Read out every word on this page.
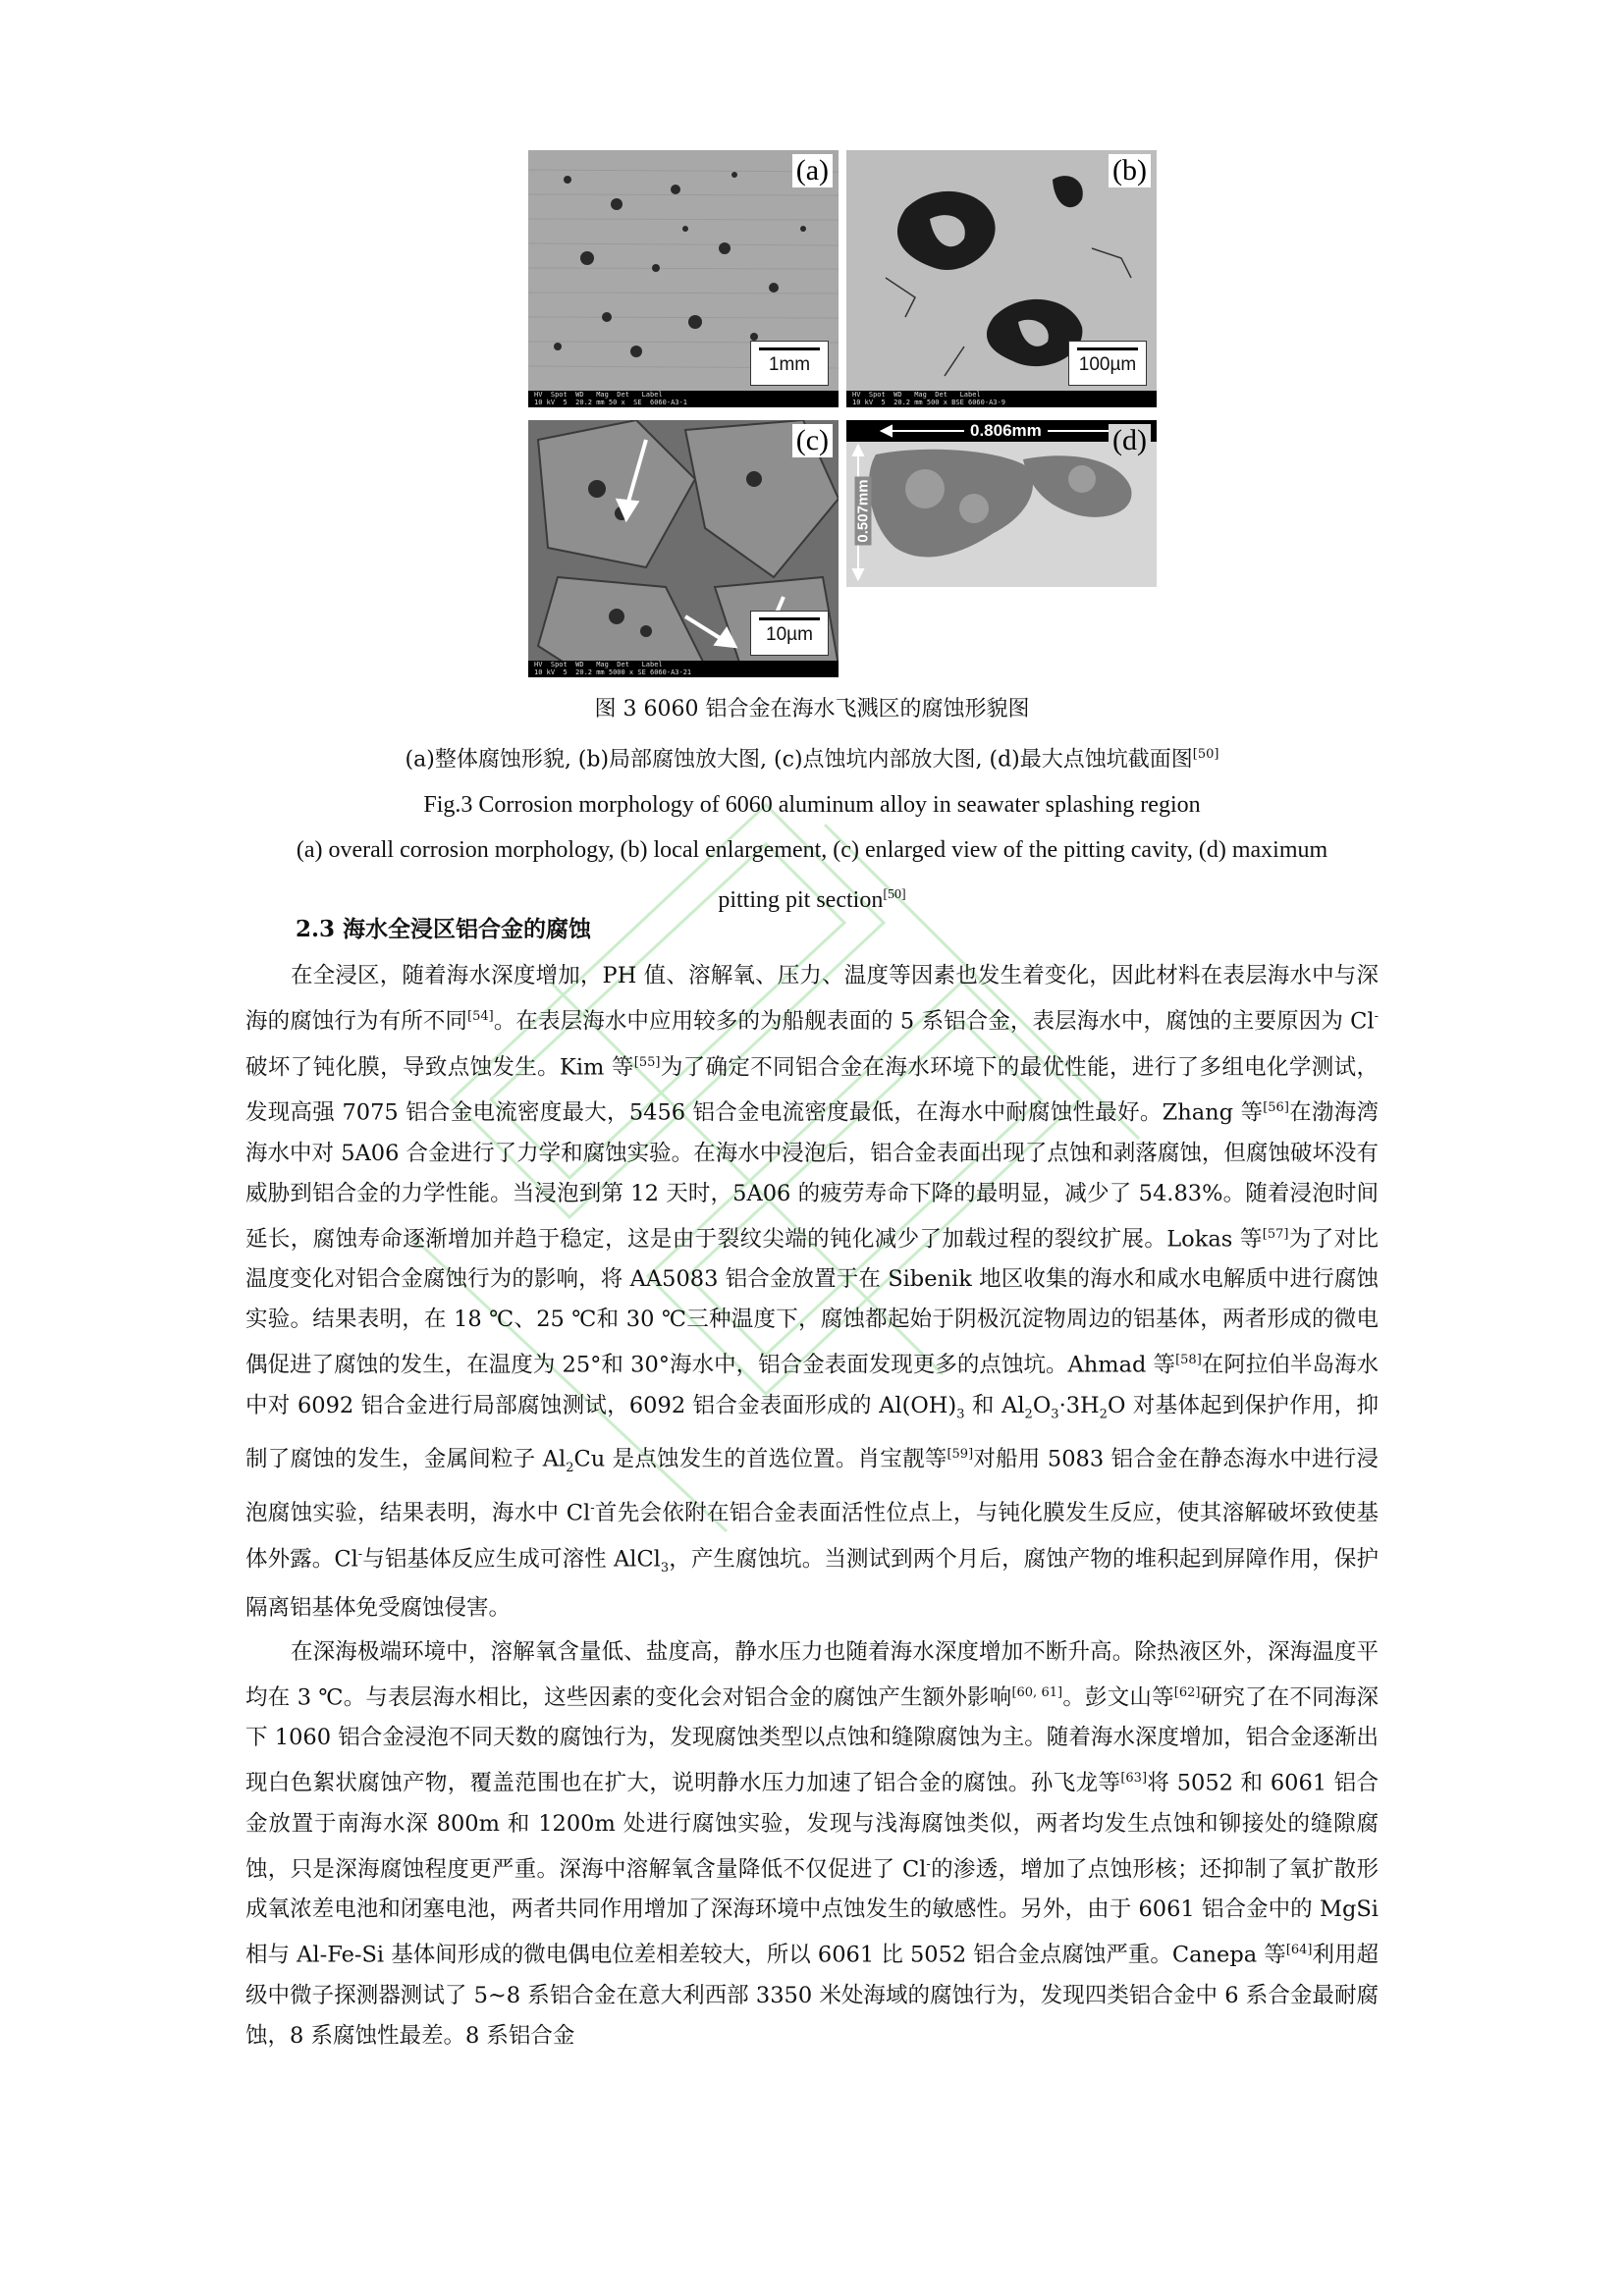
(a)
1mm
HV  Spot  WD   Mag  Det   Label
10 kV  5  20.2 mm 50 x  SE  6060-A3-1
(b)
100µm
HV  Spot  WD   Mag  Det   Label
10 kV  5  20.2 mm 500 x BSE 6060-A3-9
(c)
10µm
HV  Spot  WD   Mag  Det   Label
10 kV  5  20.2 mm 5000 x SE 6060-A3-21
0.806mm
0.507mm
(d)
图 3 6060 铝合金在海水飞溅区的腐蚀形貌图
(a)整体腐蚀形貌, (b)局部腐蚀放大图, (c)点蚀坑内部放大图, (d)最大点蚀坑截面图[50]
Fig.3 Corrosion morphology of 6060 aluminum alloy in seawater splashing region
(a) overall corrosion morphology, (b) local enlargement, (c) enlarged view of the pitting cavity, (d) maximum
pitting pit section[50]
2.3 海水全浸区铝合金的腐蚀

在全浸区，随着海水深度增加，PH 值、溶解氧、压力、温度等因素也发生着变化，因此材料在表层海水中与深海的腐蚀行为有所不同[54]。在表层海水中应用较多的为船舰表面的 5 系铝合金，表层海水中，腐蚀的主要原因为 Cl-破坏了钝化膜，导致点蚀发生。Kim 等[55]为了确定不同铝合金在海水环境下的最优性能，进行了多组电化学测试，发现高强 7075 铝合金电流密度最大，5456 铝合金电流密度最低，在海水中耐腐蚀性最好。Zhang 等[56]在渤海湾海水中对 5A06 合金进行了力学和腐蚀实验。在海水中浸泡后，铝合金表面出现了点蚀和剥落腐蚀，但腐蚀破坏没有威胁到铝合金的力学性能。当浸泡到第 12 天时，5A06 的疲劳寿命下降的最明显，减少了 54.83%。随着浸泡时间延长，腐蚀寿命逐渐增加并趋于稳定，这是由于裂纹尖端的钝化减少了加载过程的裂纹扩展。Lokas 等[57]为了对比温度变化对铝合金腐蚀行为的影响，将 AA5083 铝合金放置于在 Sibenik 地区收集的海水和咸水电解质中进行腐蚀实验。结果表明，在 18 ℃、25 ℃和 30 ℃三种温度下，腐蚀都起始于阴极沉淀物周边的铝基体，两者形成的微电偶促进了腐蚀的发生，在温度为 25°和 30°海水中，铝合金表面发现更多的点蚀坑。Ahmad 等[58]在阿拉伯半岛海水中对 6092 铝合金进行局部腐蚀测试，6092 铝合金表面形成的 $Al(OH)_3$ 和 $Al_2O_3\cdot 3H_2O$ 对基体起到保护作用，抑制了腐蚀的发生，金属间粒子 $Al_2Cu$ 是点蚀发生的首选位置。肖宝靓等[59]对船用 5083 铝合金在静态海水中进行浸泡腐蚀实验，结果表明，海水中 Cl-首先会依附在铝合金表面活性位点上，与钝化膜发生反应，使其溶解破坏致使基体外露。Cl-与铝基体反应生成可溶性 AlCl$_3$，产生腐蚀坑。当测试到两个月后，腐蚀产物的堆积起到屏障作用，保护隔离铝基体免受腐蚀侵害。

在深海极端环境中，溶解氧含量低、盐度高，静水压力也随着海水深度增加不断升高。除热液区外，深海温度平均在 3 ℃。与表层海水相比，这些因素的变化会对铝合金的腐蚀产生额外影响[60, 61]。彭文山等[62]研究了在不同海深下 1060 铝合金浸泡不同天数的腐蚀行为，发现腐蚀类型以点蚀和缝隙腐蚀为主。随着海水深度增加，铝合金逐渐出现白色絮状腐蚀产物，覆盖范围也在扩大，说明静水压力加速了铝合金的腐蚀。孙飞龙等[63]将 5052 和 6061 铝合金放置于南海水深 800m 和 1200m 处进行腐蚀实验，发现与浅海腐蚀类似，两者均发生点蚀和铆接处的缝隙腐蚀，只是深海腐蚀程度更严重。深海中溶解氧含量降低不仅促进了 Cl-的渗透，增加了点蚀形核；还抑制了氧扩散形成氧浓差电池和闭塞电池，两者共同作用增加了深海环境中点蚀发生的敏感性。另外，由于 6061 铝合金中的 MgSi 相与 Al-Fe-Si 基体间形成的微电偶电位差相差较大，所以 6061 比 5052 铝合金点腐蚀严重。Canepa 等[64]利用超级中微子探测器测试了 5~8 系铝合金在意大利西部 3350 米处海域的腐蚀行为，发现四类铝合金中 6 系合金最耐腐蚀，8 系腐蚀性最差。8 系铝合金
